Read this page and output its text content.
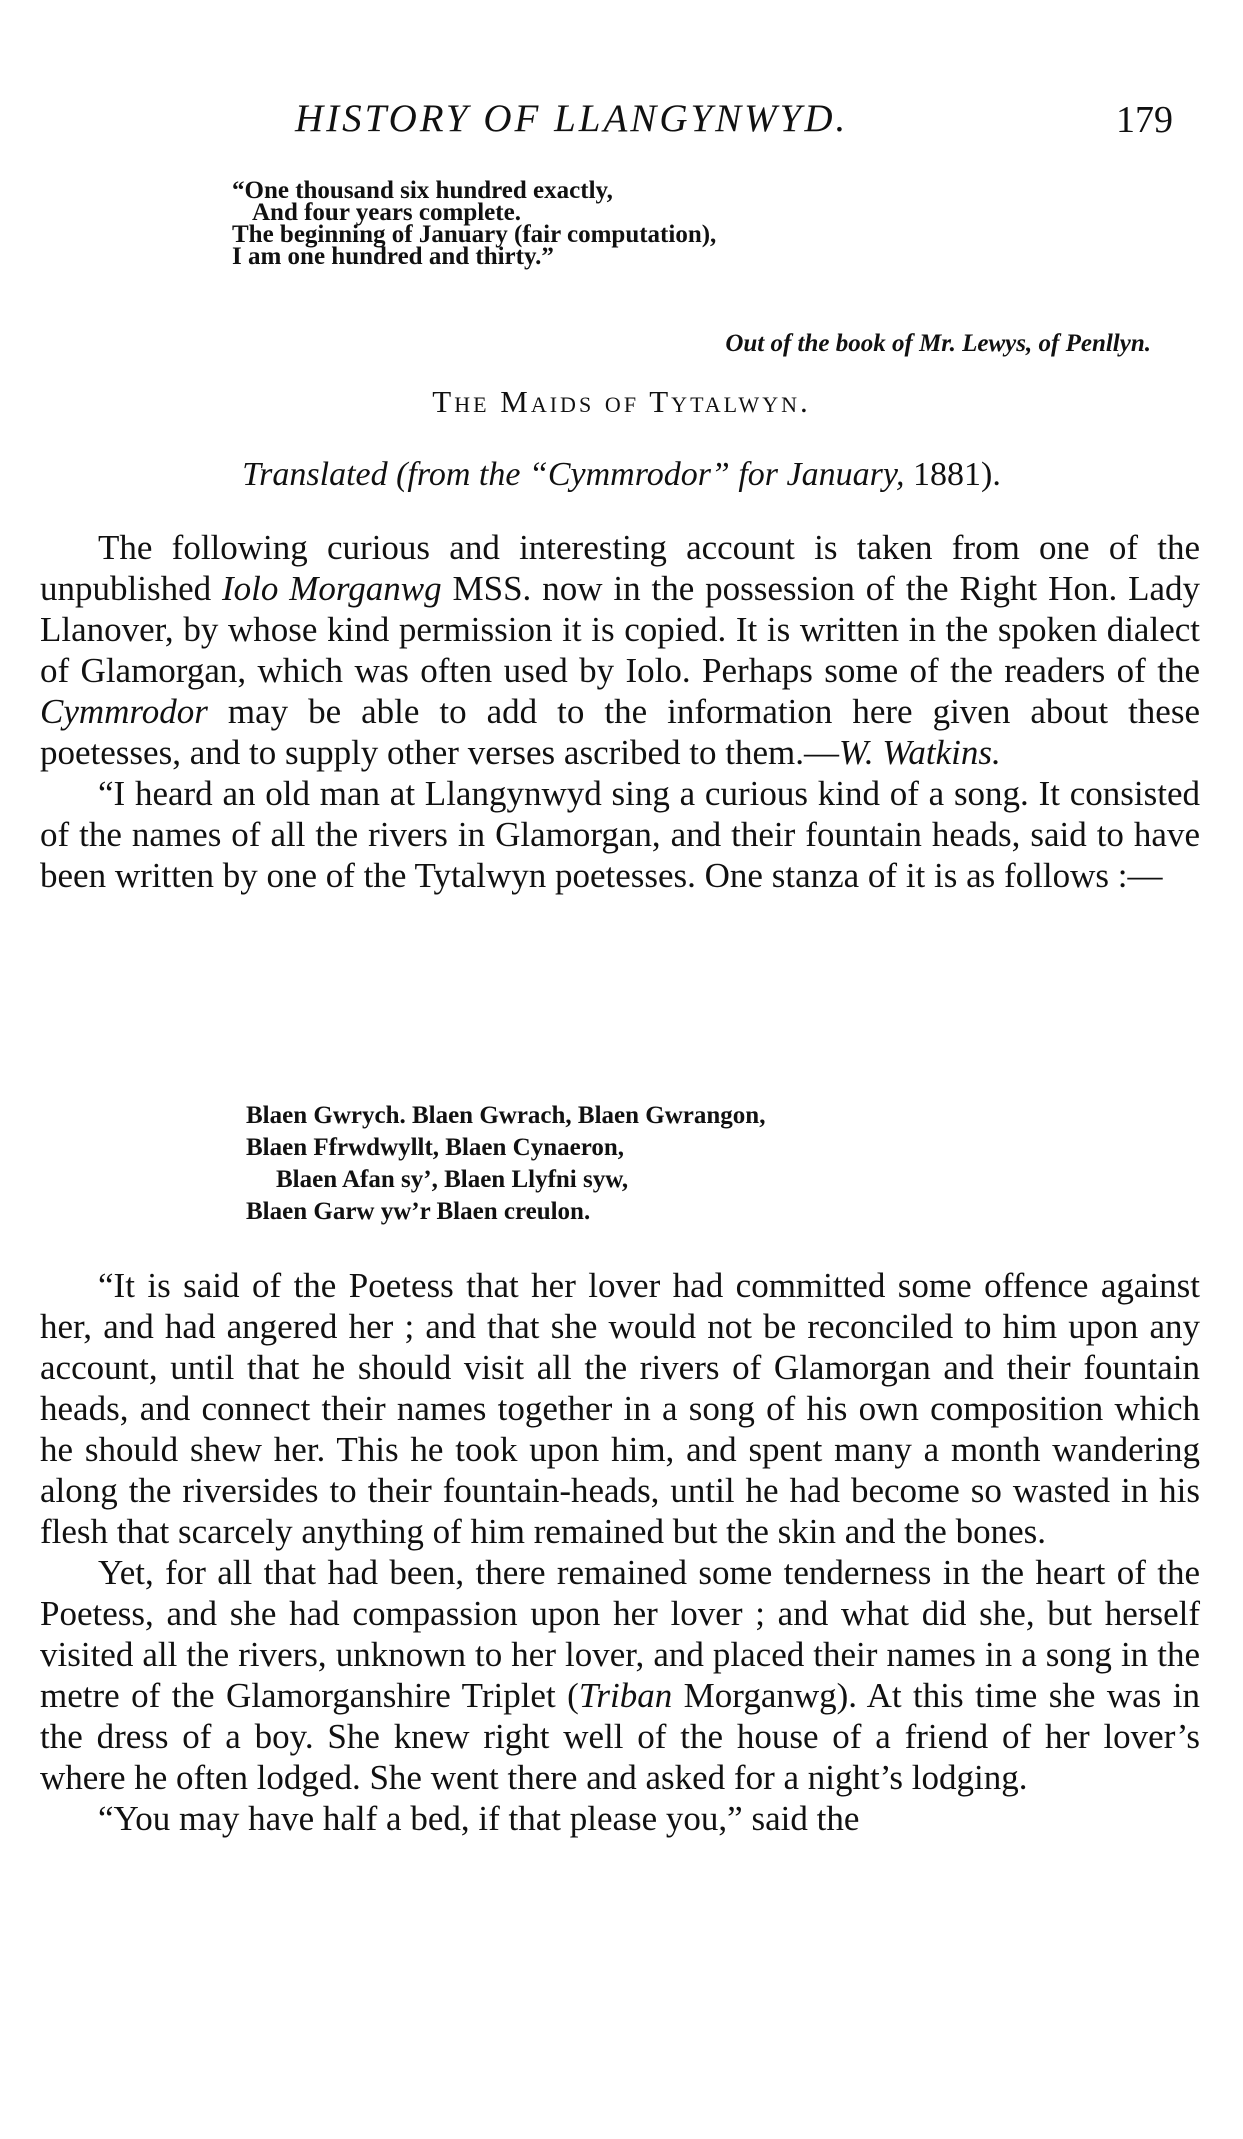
HISTORY OF LLANGYNWYD.	179
“One thousand six hundred exactly,
And four years complete.
The beginning of January (fair computation),
I am one hundred and thirty.”
Out of the book of Mr. Lewys, of Penllyn.
The Maids of Tytalwyn.
Translated (from the “Cymmrodor” for January, 1881).

The following curious and interesting account is taken from one of the unpublished Iolo Morganwg MSS. now in the possession of the Right Hon. Lady Llanover, by whose kind permission it is copied. It is written in the spoken dialect of Glamorgan, which was often used by Iolo. Perhaps some of the readers of the Cymmrodor may be able to add to the information here given about these poetesses, and to supply other verses ascribed to them.—W. Watkins.

“I heard an old man at Llangynwyd sing a curious kind of a song. It consisted of the names of all the rivers in Glamorgan, and their fountain heads, said to have been written by one of the Tytalwyn poetesses. One stanza of it is as follows :—

Blaen Gwrych. Blaen Gwrach, Blaen Gwrangon,
Blaen Ffrwdwyllt, Blaen Cynaeron,
Blaen Afan sy’, Blaen Llyfni syw,
Blaen Garw yw’r Blaen creulon.

“It is said of the Poetess that her lover had committed some offence against her, and had angered her ; and that she would not be reconciled to him upon any account, until that he should visit all the rivers of Glamorgan and their fountain heads, and connect their names together in a song of his own composition which he should shew her. This he took upon him, and spent many a month wandering along the riversides to their fountain-heads, until he had become so wasted in his flesh that scarcely anything of him remained but the skin and the bones.

Yet, for all that had been, there remained some tenderness in the heart of the Poetess, and she had compassion upon her lover ; and what did she, but herself visited all the rivers, unknown to her lover, and placed their names in a song in the metre of the Glamorganshire Triplet (Triban Morganwg). At this time she was in the dress of a boy. She knew right well of the house of a friend of her lover’s where he often lodged. She went there and asked for a night’s lodging.

“You may have half a bed, if that please you,” said the
